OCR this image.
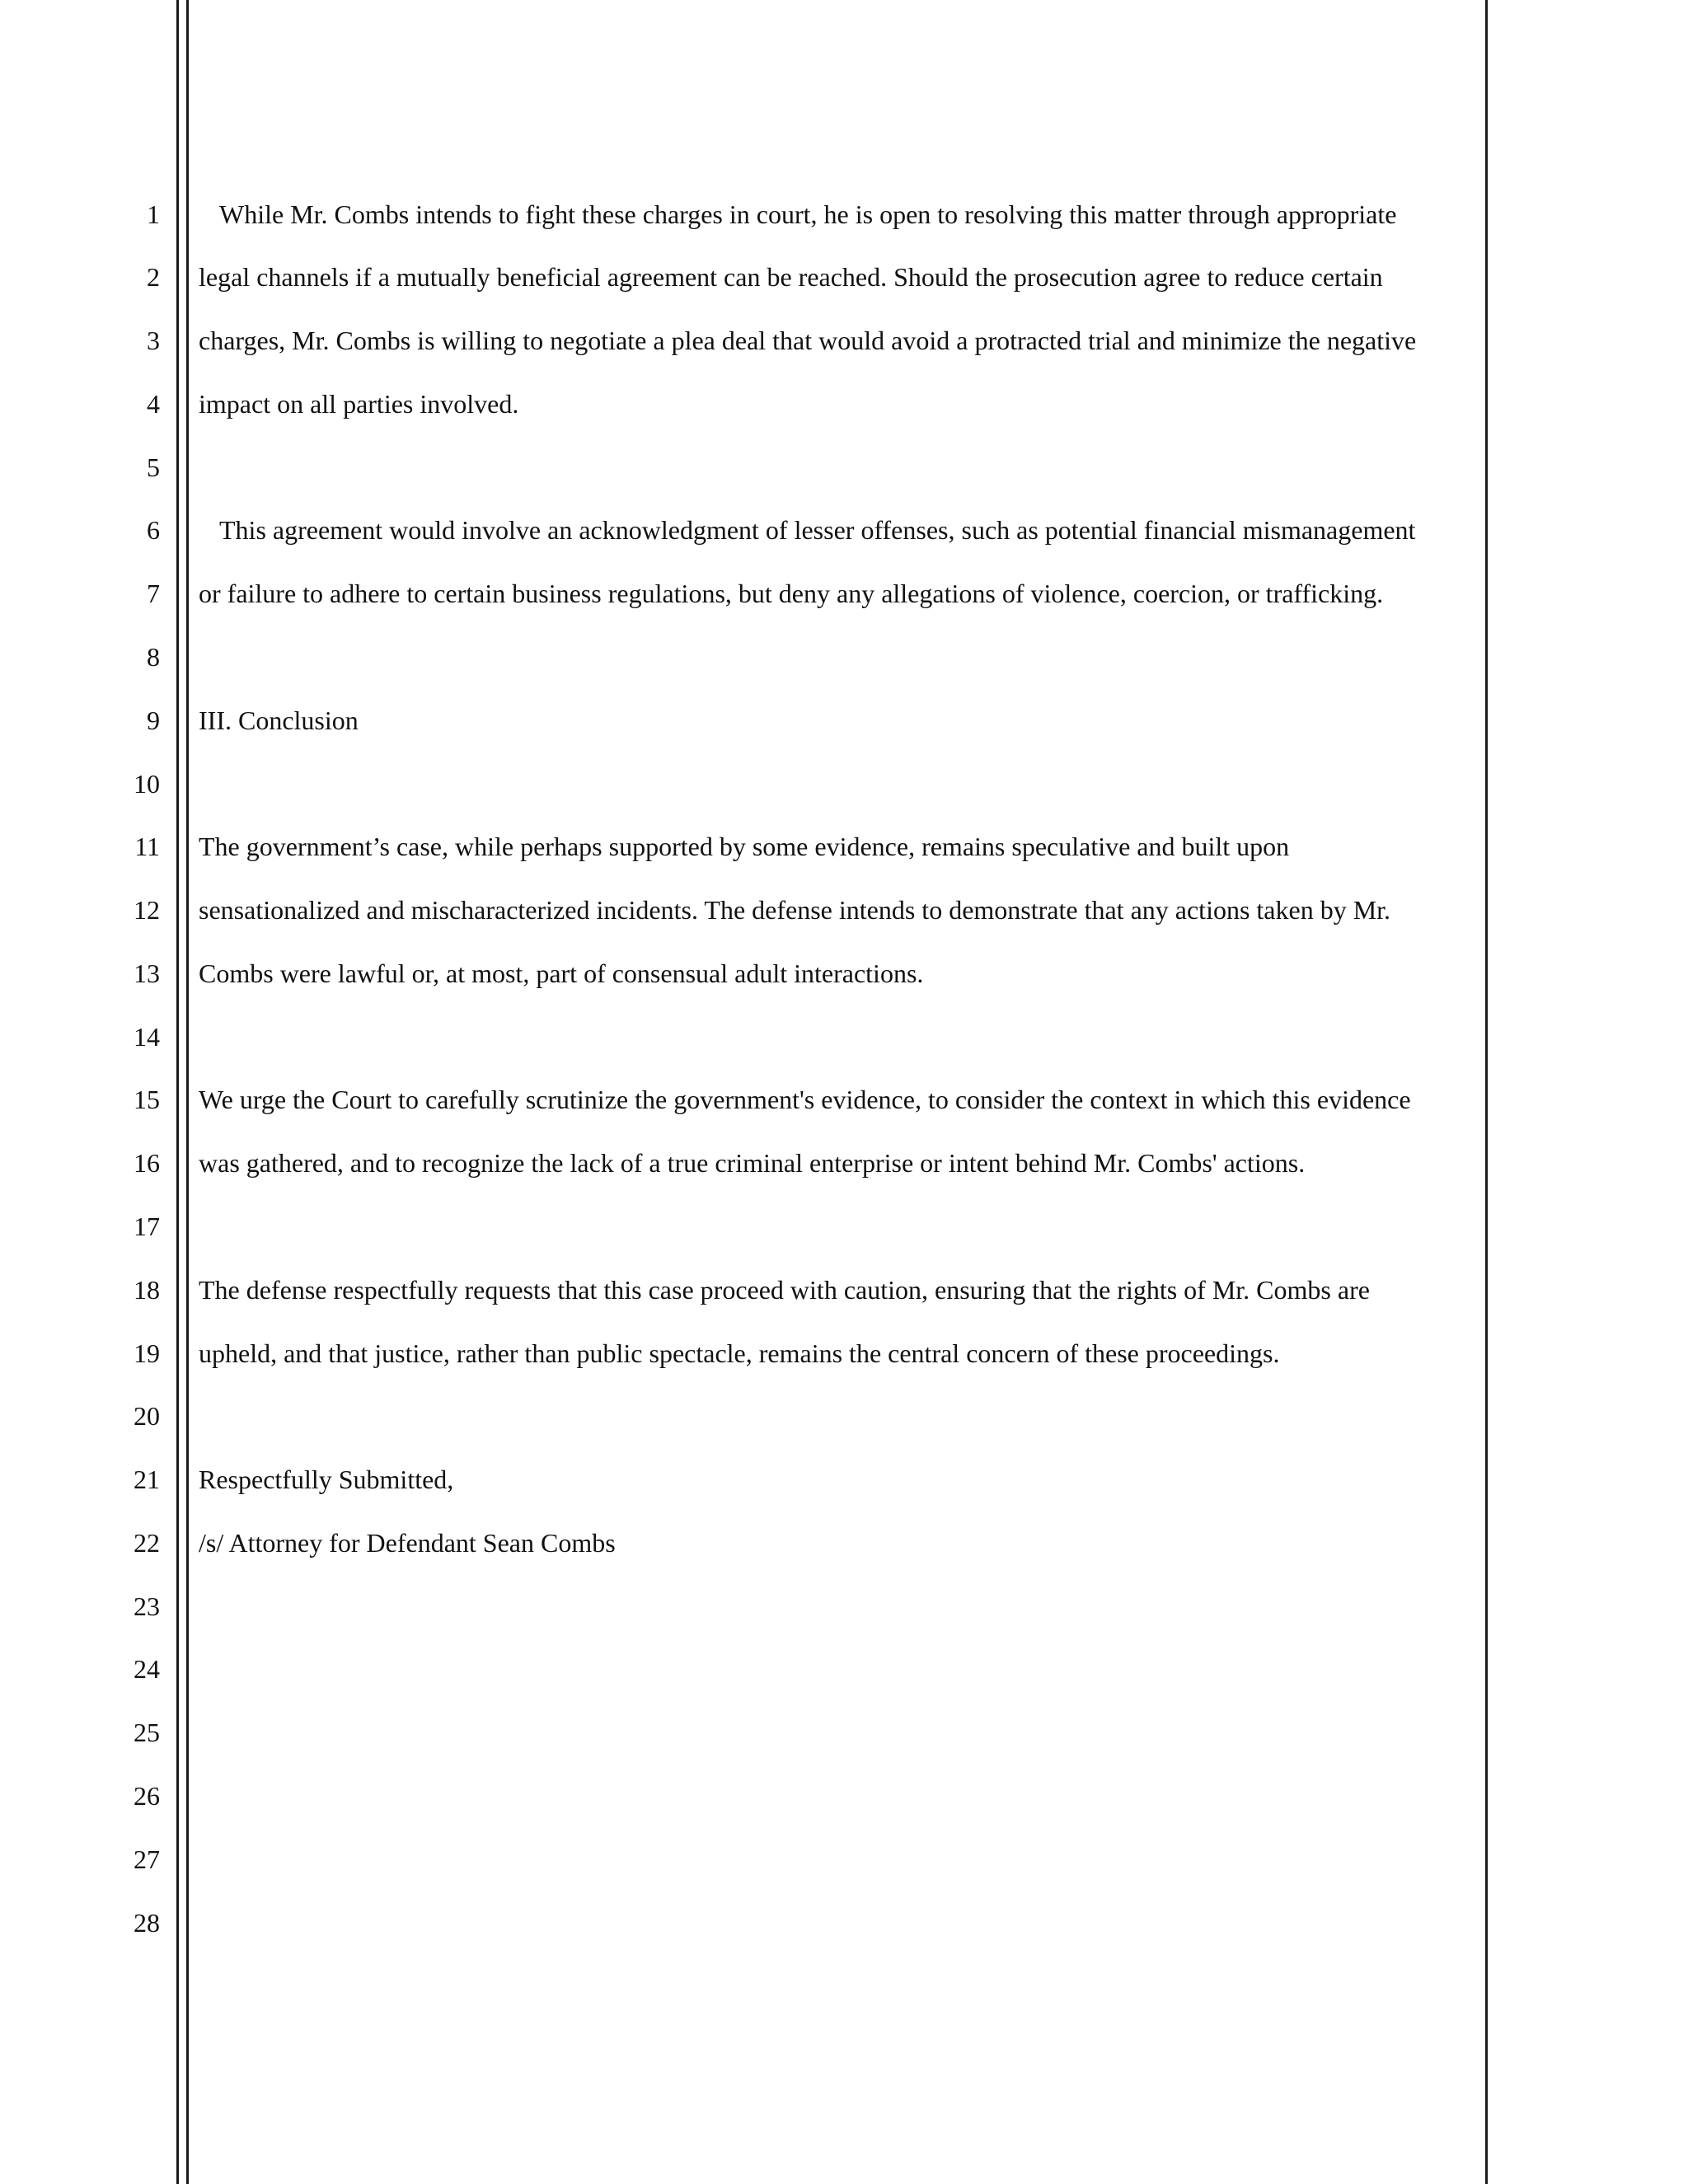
1
2
3
4
5
6
7
8
9
10
11
12
13
14
15
16
17
18
19
20
21
22
23
24
25
26
27
28
While Mr. Combs intends to fight these charges in court, he is open to resolving this matter through appropriate
legal channels if a mutually beneficial agreement can be reached. Should the prosecution agree to reduce certain
charges, Mr. Combs is willing to negotiate a plea deal that would avoid a protracted trial and minimize the negative
impact on all parties involved.
This agreement would involve an acknowledgment of lesser offenses, such as potential financial mismanagement
or failure to adhere to certain business regulations, but deny any allegations of violence, coercion, or trafficking.
III. Conclusion
The government’s case, while perhaps supported by some evidence, remains speculative and built upon
sensationalized and mischaracterized incidents. The defense intends to demonstrate that any actions taken by Mr.
Combs were lawful or, at most, part of consensual adult interactions.
We urge the Court to carefully scrutinize the government's evidence, to consider the context in which this evidence
was gathered, and to recognize the lack of a true criminal enterprise or intent behind Mr. Combs' actions.
The defense respectfully requests that this case proceed with caution, ensuring that the rights of Mr. Combs are
upheld, and that justice, rather than public spectacle, remains the central concern of these proceedings.
Respectfully Submitted,
/s/ Attorney for Defendant Sean Combs
